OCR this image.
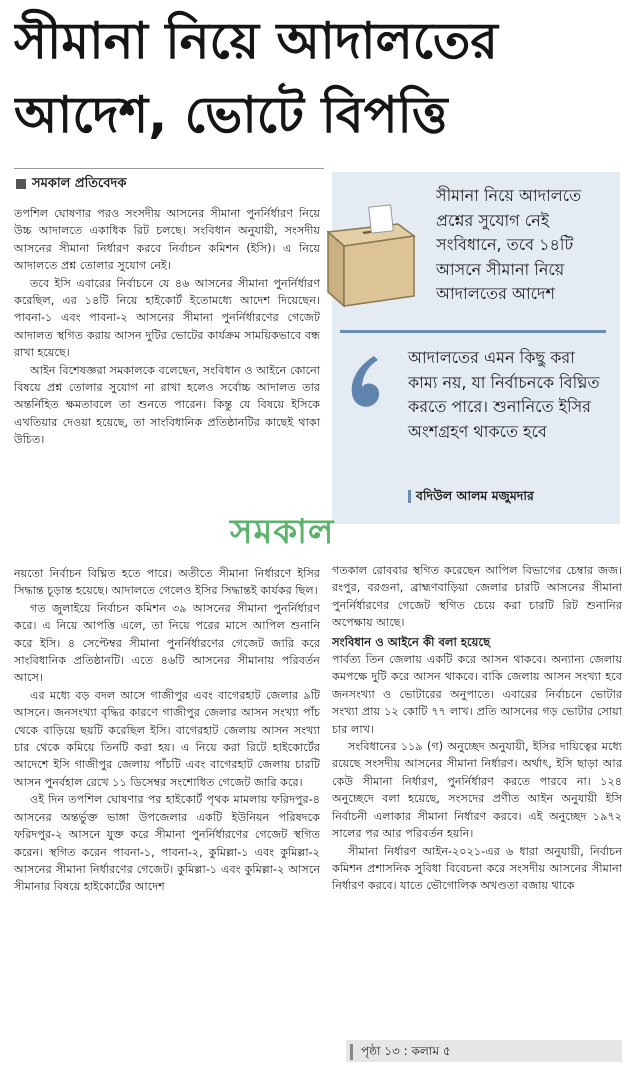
সীমানা নিয়ে আদালতের
আদেশ, ভোটে বিপত্তি
সমকাল প্রতিবেদক
সীমানা নিয়ে আদালতে প্রশ্নের সুযোগ নেই সংবিধানে, তবে ১৪টি আসনে সীমানা নিয়ে আদালতের আদেশ
আদালতের এমন কিছু করা কাম্য নয়, যা নির্বাচনকে বিঘ্নিত করতে পারে। শুনানিতে ইসির অংশগ্রহণ থাকতে হবে
বদিউল আলম মজুমদার

তপশিল ঘোষণার পরও সংসদীয় আসনের সীমানা পুনর্নির্ধারণ নিয়ে উচ্চ আদালতে একাধিক রিট চলছে। সংবিধান অনুযায়ী, সংসদীয় আসনের সীমানা নির্ধারণ করবে নির্বাচন কমিশন (ইসি)। এ নিয়ে আদালতে প্রশ্ন তোলার সুযোগ নেই।

তবে ইসি এবারের নির্বাচনে যে ৪৬ আসনের সীমানা পুনর্নির্ধারণ করেছিল, এর ১৪টি নিয়ে হাইকোর্ট ইতোমধ্যে আদেশ দিয়েছেন। পাবনা-১ এবং পাবনা-২ আসনের সীমানা পুনর্নির্ধারণের গেজেট আদালত স্থগিত করায় আসন দুটির ভোটের কার্যক্রম সাময়িকভাবে বন্ধ রাখা হয়েছে।

আইন বিশেষজ্ঞরা সমকালকে বলেছেন, সংবিধান ও আইনে কোনো বিষয়ে প্রশ্ন তোলার সুযোগ না রাখা হলেও সর্বোচ্চ আদালত তার অন্তর্নিহিত ক্ষমতাবলে তা শুনতে পারেন। কিন্তু যে বিষয়ে ইসিকে এখতিয়ার দেওয়া হয়েছে, তা সাংবিধানিক প্রতিষ্ঠানটির কাছেই থাকা উচিত।

নয়তো নির্বাচন বিঘ্নিত হতে পারে। অতীতে সীমানা নির্ধারণে ইসির সিদ্ধান্ত চূড়ান্ত হয়েছে। আদালতে গেলেও ইসির সিদ্ধান্তই কার্যকর ছিল।

গত জুলাইয়ে নির্বাচন কমিশন ৩৯ আসনের সীমানা পুনর্নির্ধারণ করে। এ নিয়ে আপত্তি এলে, তা নিয়ে পরের মাসে আপিল শুনানি করে ইসি। ৪ সেপ্টেম্বর সীমানা পুনর্নির্ধারণের গেজেট জারি করে সাংবিধানিক প্রতিষ্ঠানটি। এতে ৪৬টি আসনের সীমানায় পরিবর্তন আসে।

এর মধ্যে বড় বদল আসে গাজীপুর এবং বাগেরহাট জেলার ৯টি আসনে। জনসংখ্যা বৃদ্ধির কারণে গাজীপুর জেলার আসন সংখ্যা পাঁচ থেকে বাড়িয়ে ছয়টি করেছিল ইসি। বাগেরহাট জেলায় আসন সংখ্যা চার থেকে কমিয়ে তিনটি করা হয়। এ নিয়ে করা রিটে হাইকোর্টের আদেশে ইসি গাজীপুর জেলায় পাঁচটি এবং বাগেরহাট জেলায় চারটি আসন পুনর্বহাল রেখে ১১ ডিসেম্বর সংশোধিত গেজেট জারি করে।

ওই দিন তপশিল ঘোষণার পর হাইকোর্ট পৃথক মামলায় ফরিদপুর-৪ আসনের অন্তর্ভুক্ত ভাঙ্গা উপজেলার একটি ইউনিয়ন পরিষদকে ফরিদপুর-২ আসনে যুক্ত করে সীমানা পুনর্নির্ধারণের গেজেট স্থগিত করেন। স্থগিত করেন পাবনা-১, পাবনা-২, কুমিল্লা-১ এবং কুমিল্লা-২ আসনের সীমানা নির্ধারণের গেজেট। কুমিল্লা-১ এবং কুমিল্লা-২ আসনে সীমানার বিষয়ে হাইকোর্টের আদেশ

সমকাল

গতকাল রোববার স্থগিত করেছেন আপিল বিভাগের চেম্বার জজ। রংপুর, বরগুনা, ব্রাহ্মণবাড়িয়া জেলার চারটি আসনের সীমানা পুনর্নির্ধারণের গেজেট স্থগিত চেয়ে করা চারটি রিট শুনানির অপেক্ষায় আছে।

সংবিধান ও আইনে কী বলা হয়েছে

পার্বত্য তিন জেলায় একটি করে আসন থাকবে। অন্যান্য জেলায় কমপক্ষে দুটি করে আসন থাকবে। বাকি জেলায় আসন সংখ্যা হবে জনসংখ্যা ও ভোটারের অনুপাতে। এবারের নির্বাচনে ভোটার সংখ্যা প্রায় ১২ কোটি ৭৭ লাখ। প্রতি আসনের গড় ভোটার সোয়া চার লাখ।

সংবিধানের ১১৯ (গ) অনুচ্ছেদ অনুযায়ী, ইসির দায়িত্বের মধ্যে রয়েছে সংসদীয় আসনের সীমানা নির্ধারণ। অর্থাৎ, ইসি ছাড়া আর কেউ সীমানা নির্ধারণ, পুনর্নির্ধারণ করতে পারবে না। ১২৪ অনুচ্ছেদে বলা হয়েছে, সংসদের প্রণীত আইন অনুযায়ী ইসি নির্বাচনী এলাকার সীমানা নির্ধারণ করবে। এই অনুচ্ছেদ ১৯৭২ সালের পর আর পরিবর্তন হয়নি।

সীমানা নির্ধারণ আইন-২০২১-এর ৬ ধারা অনুযায়ী, নির্বাচন কমিশন প্রশাসনিক সুবিধা বিবেচনা করে সংসদীয় আসনের সীমানা নির্ধারণ করবে। যাতে ভৌগোলিক অখণ্ডতা বজায় থাকে

পৃষ্ঠা ১৩ : কলাম ৫
